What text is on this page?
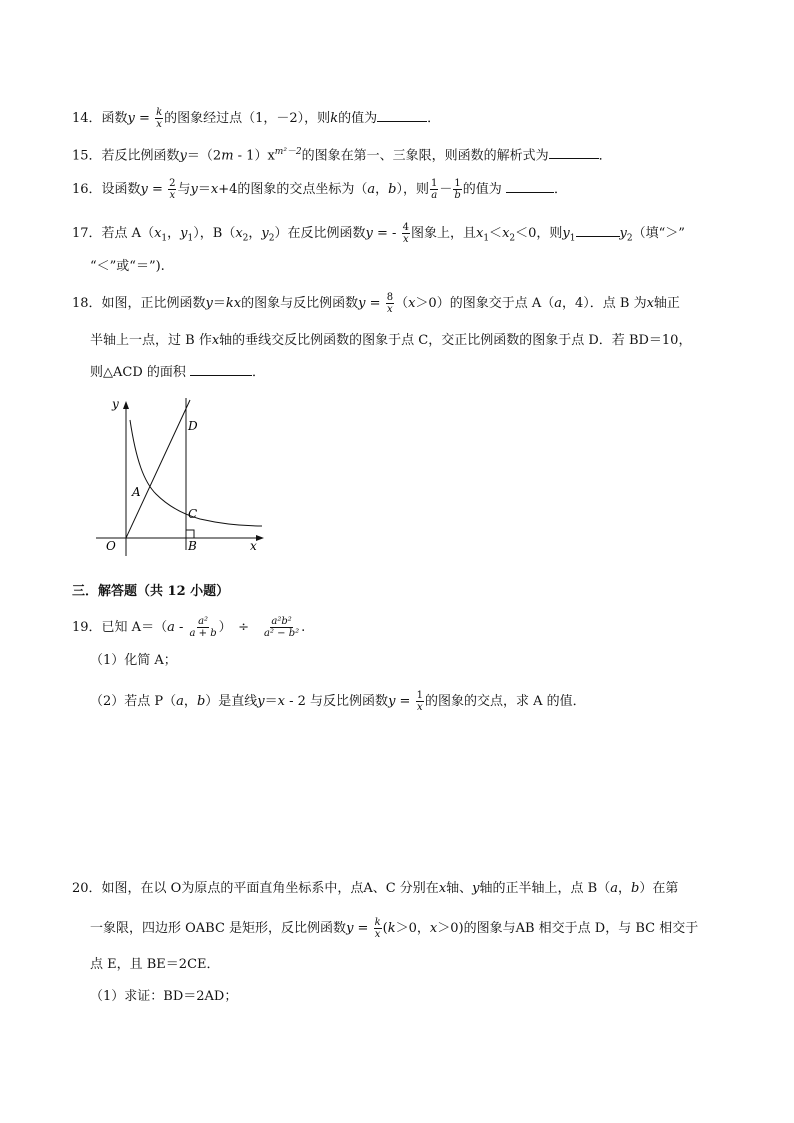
14．函数$y = \frac{k}{x}$ 的图象经过点（1，－2），则k的值为	．
15．若反比例函数$y=(2m - 1)x^{m^2-2}$的图象在第一、三象限，则函数的解析式为	．
16．设函数$y = \frac{2}{x}$ 与y＝x+4的图象的交点坐标为（a，b），则 $\frac{1}{a} - \frac{1}{b}$ 的值为	．
17．若点 $A(x_1$，$y_1$），$B(x_2$，$y_2$）在反比例函数y = - $\frac{4}{x}$ 图象上，且$x_1<x_2<0$，则$y_1$	$y_2$（填“＞”
“＜”或“＝”).
18．如图，正比例函数y＝kx的图象与反比例函数$y = \frac{8}{x} (x>0)$的图象交于点 A（a，4）．点 B 为x轴正
半轴上一点，过 B 作x轴的垂线交反比例函数的图象于点 C，交正比例函数的图象于点 D．若 BD＝10，
则△ACD 的面积	．
y
x
O
A
B
C
D
三．解答题（共 12 小题）
19．已知 $A=(a - \frac{\text{a²}}{a + b}$ ）　÷　 $\frac{\text{a²b²}}{\text{a² − b²}}$ .
（1）化简 A；
（2）若点 P（a，b）是直线y＝x - 2 与反比例函数$y = \frac{1}{x}$ 的图象的交点，求 A 的值．
20．如图，在以 O为原点的平面直角坐标系中，点A、C 分别在x轴、y轴的正半轴上，点 B（a，b）在第
一象限，四边形 OABC 是矩形，反比例函数$y = \frac{k}{x} (k>0$，x＞0)的图象与AB 相交于点 D，与 BC 相交于
点 E，且 BE＝2CE．
（1）求证：BD＝2AD；
